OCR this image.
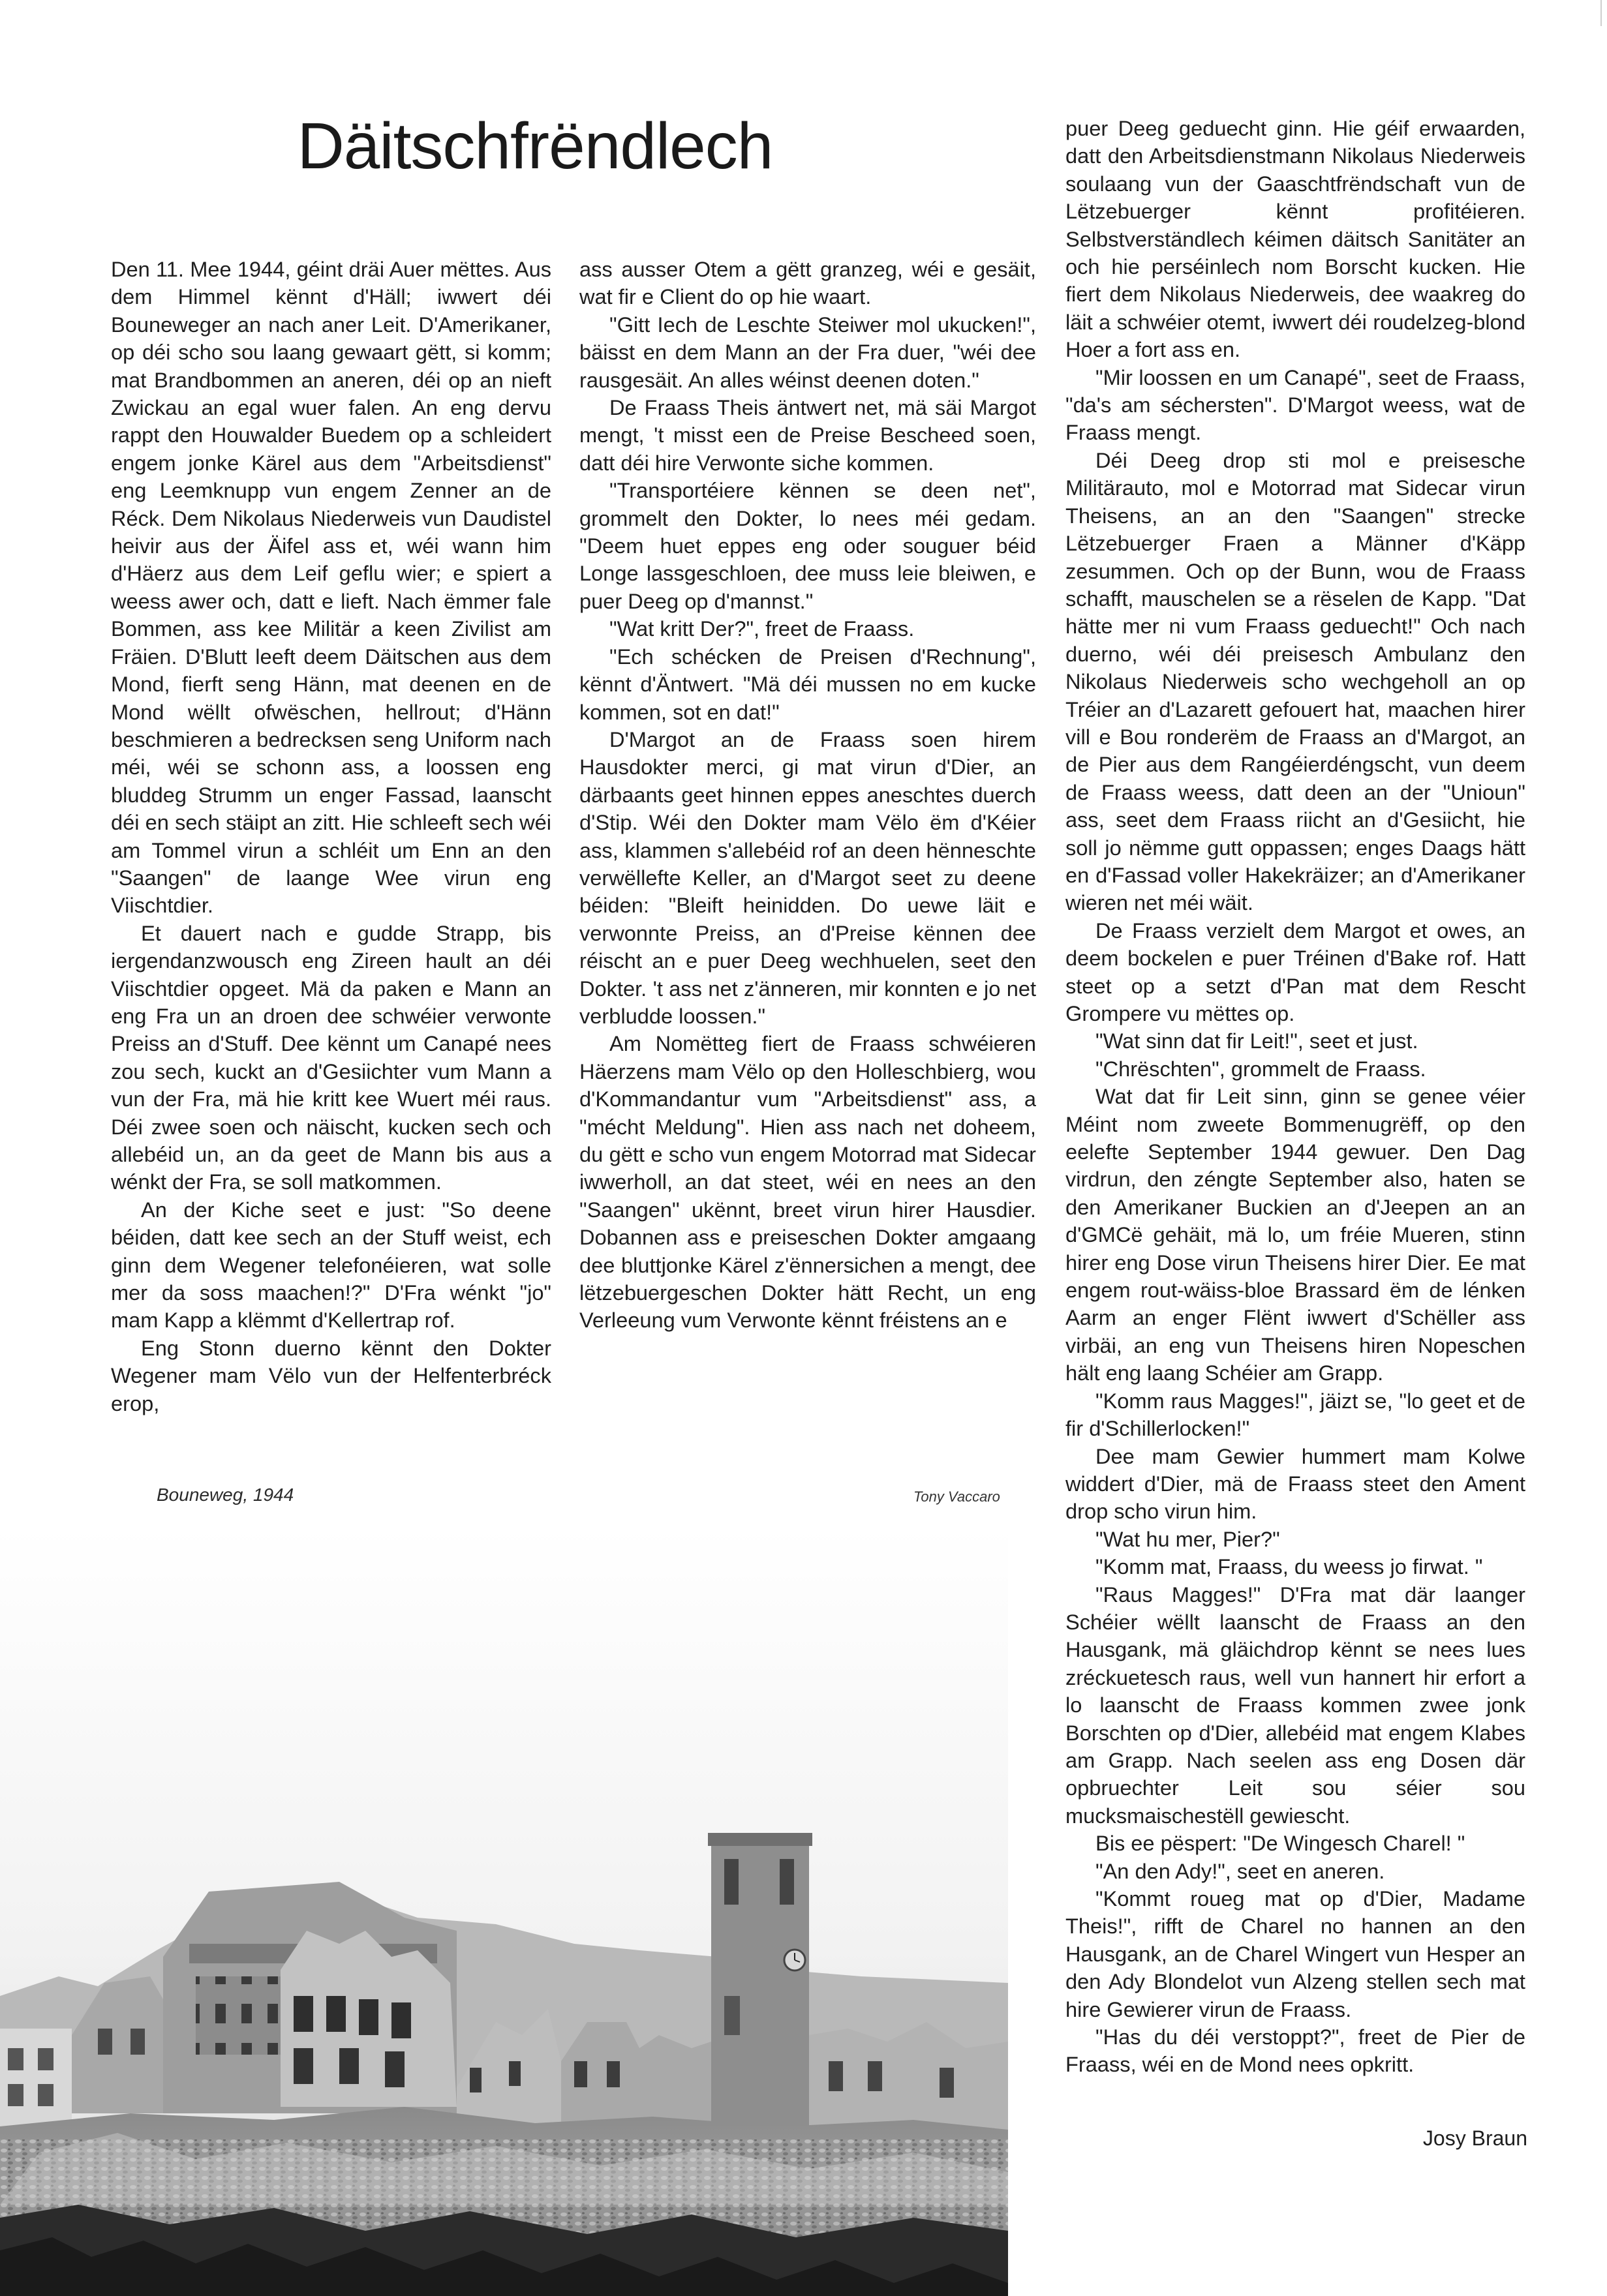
Däitschfrëndlech

Den 11. Mee 1944, géint dräi Auer mëttes. Aus dem Himmel kënnt d'Häll; iwwert déi Bouneweger an nach aner Leit. D'Amerikaner, op déi scho sou laang gewaart gëtt, si komm; mat Brandbommen an aneren, déi op an nieft Zwickau an egal wuer falen. An eng dervu rappt den Houwalder Buedem op a schleidert engem jonke Kärel aus dem "Arbeitsdienst" eng Leemknupp vun engem Zenner an de Réck. Dem Nikolaus Niederweis vun Daudistel heivir aus der Äifel ass et, wéi wann him d'Häerz aus dem Leif geflu wier; e spiert a weess awer och, datt e lieft. Nach ëmmer fale Bommen, ass kee Militär a keen Zivilist am Fräien. D'Blutt leeft deem Däitschen aus dem Mond, fierft seng Hänn, mat deenen en de Mond wëllt ofwëschen, hellrout; d'Hänn beschmieren a bedrecksen seng Uniform nach méi, wéi se schonn ass, a loossen eng bluddeg Strumm un enger Fassad, laanscht déi en sech stäipt an zitt. Hie schleeft sech wéi am Tommel virun a schléit um Enn an den "Saangen" de laange Wee virun eng Viischtdier.

Et dauert nach e gudde Strapp, bis iergendanzwousch eng Zireen hault an déi Viischtdier opgeet. Mä da paken e Mann an eng Fra un an droen dee schwéier verwonte Preiss an d'Stuff. Dee kënnt um Canapé nees zou sech, kuckt an d'Gesiichter vum Mann a vun der Fra, mä hie kritt kee Wuert méi raus. Déi zwee soen och näischt, kucken sech och allebéid un, an da geet de Mann bis aus a wénkt der Fra, se soll matkommen.

An der Kiche seet e just: "So deene béiden, datt kee sech an der Stuff weist, ech ginn dem Wegener telefonéieren, wat solle mer da soss maachen!?" D'Fra wénkt "jo" mam Kapp a klëmmt d'Kellertrap rof.

Eng Stonn duerno kënnt den Dokter Wegener mam Vëlo vun der Helfenterbréck erop,

ass ausser Otem a gëtt granzeg, wéi e gesäit, wat fir e Client do op hie waart.

"Gitt Iech de Leschte Steiwer mol ukucken!", bäisst en dem Mann an der Fra duer, "wéi dee rausgesäit. An alles wéinst deenen doten."

De Fraass Theis äntwert net, mä säi Margot mengt, 't misst een de Preise Bescheed soen, datt déi hire Verwonte siche kommen.

"Transportéiere kënnen se deen net", grommelt den Dokter, lo nees méi gedam. "Deem huet eppes eng oder souguer béid Longe lassgeschloen, dee muss leie bleiwen, e puer Deeg op d'mannst."

"Wat kritt Der?", freet de Fraass.

"Ech schécken de Preisen d'Rechnung", kënnt d'Äntwert. "Mä déi mussen no em kucke kommen, sot en dat!"

D'Margot an de Fraass soen hirem Hausdokter merci, gi mat virun d'Dier, an därbaants geet hinnen eppes aneschtes duerch d'Stip. Wéi den Dokter mam Vëlo ëm d'Kéier ass, klammen s'allebéid rof an deen hënneschte verwëllefte Keller, an d'Margot seet zu deene béiden: "Bleift heinidden. Do uewe läit e verwonnte Preiss, an d'Preise kënnen dee réischt an e puer Deeg wechhuelen, seet den Dokter. 't ass net z'änneren, mir konnten e jo net verbludde loossen."

Am Nomëtteg fiert de Fraass schwéieren Häerzens mam Vëlo op den Holleschbierg, wou d'Kommandantur vum "Arbeitsdienst" ass, a "mécht Meldung". Hien ass nach net doheem, du gëtt e scho vun engem Motorrad mat Sidecar iwwerholl, an dat steet, wéi en nees an den "Saangen" ukënnt, breet virun hirer Hausdier. Dobannen ass e preiseschen Dokter amgaang dee bluttjonke Kärel z'ënnersichen a mengt, dee lëtzebuergeschen Dokter hätt Recht, un eng Verleeung vum Verwonte kënnt fréistens an e

puer Deeg geduecht ginn. Hie géif erwaarden, datt den Arbeitsdienstmann Nikolaus Niederweis soulaang vun der Gaaschtfrëndschaft vun de Lëtzebuerger kënnt profitéieren. Selbstverständlech kéimen däitsch Sanitäter an och hie perséinlech nom Borscht kucken. Hie fiert dem Nikolaus Niederweis, dee waakreg do läit a schwéier otemt, iwwert déi roudelzeg-blond Hoer a fort ass en.

"Mir loossen en um Canapé", seet de Fraass, "da's am sécherstеn". D'Margot weess, wat de Fraass mengt.

Déi Deeg drop sti mol e preisesche Militärauto, mol e Motorrad mat Sidecar virun Theisens, an an den "Saangen" strecke Lëtzebuerger Fraen a Männer d'Käpp zesummen. Och op der Bunn, wou de Fraass schafft, mauschelen se a rëselen de Kapp. "Dat hätte mer ni vum Fraass geduecht!" Och nach duerno, wéi déi preisesch Ambulanz den Nikolaus Niederweis scho wechgeholl an op Tréier an d'Lazarett gefouert hat, maachen hirer vill e Bou ronderëm de Fraass an d'Margot, an de Pier aus dem Rangéierdéngscht, vun deem de Fraass weess, datt deen an der "Unioun" ass, seet dem Fraass riicht an d'Gesiicht, hie soll jo nëmme gutt oppassen; enges Daags hätt en d'Fassad voller Hakekräizer; an d'Amerikaner wieren net méi wäit.

De Fraass verzielt dem Margot et owes, an deem bockelen e puer Tréinen d'Bake rof. Hatt steet op a setzt d'Pan mat dem Rescht Grompere vu mëttes op.

"Wat sinn dat fir Leit!", seet et just.

"Chrëschten", grommelt de Fraass.

Wat dat fir Leit sinn, ginn se genee véier Méint nom zweete Bommenugrëff, op den eelefte September 1944 gewuer. Den Dag virdrun, den zéngte September also, haten se den Amerikaner Buckien an d'Jeepen an an d'GMCë gehäit, mä lo, um fréie Mueren, stinn hirer eng Dose virun Theisens hirer Dier. Ee mat engem rout-wäiss-bloe Brassard ëm de lénken Aarm an enger Flënt iwwert d'Schëller ass virbäi, an eng vun Theisens hiren Nopeschen hält eng laang Schéier am Grapp.

"Komm raus Magges!", jäizt se, "lo geet et de fir d'Schillerlocken!"

Dee mam Gewier hummert mam Kolwe widdert d'Dier, mä de Fraass steet den Ament drop scho virun him.

"Wat hu mer, Pier?"

"Komm mat, Fraass, du weess jo firwat. "

"Raus Magges!" D'Fra mat där laanger Schéier wëllt laanscht de Fraass an den Hausgank, mä gläichdrop kënnt se nees lues zréckuetesch raus, well vun hannert hir erfort a lo laanscht de Fraass kommen zwee jonk Borschten op d'Dier, allebéid mat engem Klabes am Grapp. Nach seelen ass eng Dosen där opbruechter Leit sou séier sou mucksmaischestëll gewiescht.

Bis ee pëspert: "De Wingesch Charel! "

"An den Ady!", seet en aneren.

"Kommt roueg mat op d'Dier, Madame Theis!", rifft de Charel no hannen an den Hausgank, an de Charel Wingert vun Hesper an den Ady Blondelot vun Alzeng stellen sech mat hire Gewierer virun de Fraass.

"Has du déi verstoppt?", freet de Pier de Fraass, wéi en de Mond nees opkritt.

Bouneweg, 1944	Tony Vaccaro
Josy Braun
